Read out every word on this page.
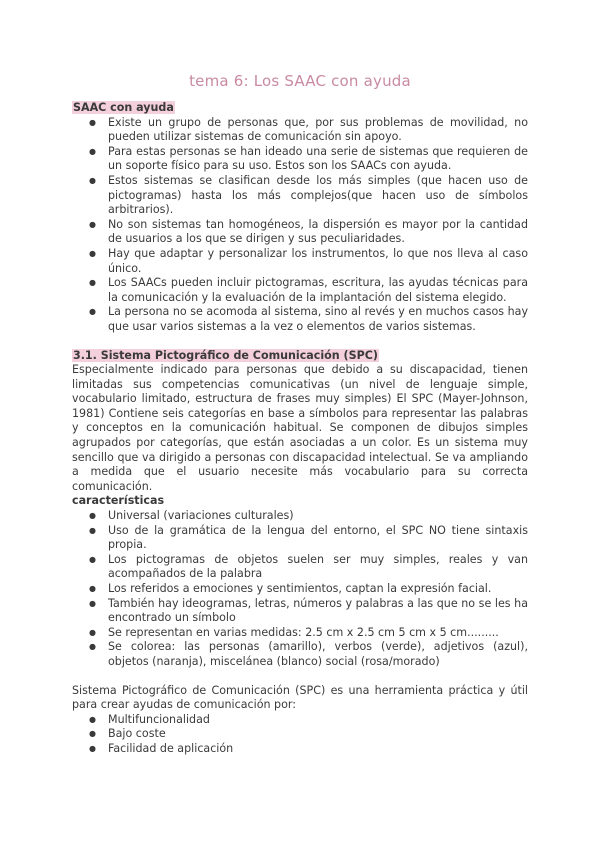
tema 6: Los SAAC con ayuda

SAAC con ayuda

● Existe un grupo de personas que, por sus problemas de movilidad, no pueden utilizar sistemas de comunicación sin apoyo.
● Para estas personas se han ideado una serie de sistemas que requieren de un soporte físico para su uso. Estos son los SAACs con ayuda.
● Estos sistemas se clasifican desde los más simples (que hacen uso de pictogramas) hasta los más complejos(que hacen uso de símbolos arbitrarios).
● No son sistemas tan homogéneos, la dispersión es mayor por la cantidad de usuarios a los que se dirigen y sus peculiaridades.
● Hay que adaptar y personalizar los instrumentos, lo que nos lleva al caso único.
● Los SAACs pueden incluir pictogramas, escritura, las ayudas técnicas para la comunicación y la evaluación de la implantación del sistema elegido.
● La persona no se acomoda al sistema, sino al revés y en muchos casos hay que usar varios sistemas a la vez o elementos de varios sistemas.

3.1. Sistema Pictográfico de Comunicación (SPC)

Especialmente indicado para personas que debido a su discapacidad, tienen limitadas sus competencias comunicativas (un nivel de lenguaje simple, vocabulario limitado, estructura de frases muy simples) El SPC (Mayer-Johnson, 1981) Contiene seis categorías en base a símbolos para representar las palabras y conceptos en la comunicación habitual. Se componen de dibujos simples agrupados por categorías, que están asociadas a un color. Es un sistema muy sencillo que va dirigido a personas con discapacidad intelectual. Se va ampliando a medida que el usuario necesite más vocabulario para su correcta comunicación.

características

● Universal (variaciones culturales)
● Uso de la gramática de la lengua del entorno, el SPC NO tiene sintaxis propia.
● Los pictogramas de objetos suelen ser muy simples, reales y van acompañados de la palabra
● Los referidos a emociones y sentimientos, captan la expresión facial.
● También hay ideogramas, letras, números y palabras a las que no se les ha encontrado un símbolo
● Se representan en varias medidas: 2.5 cm x 2.5 cm 5 cm x 5 cm.........
● Se colorea: las personas (amarillo), verbos (verde), adjetivos (azul), objetos (naranja), miscelánea (blanco) social (rosa/morado)

Sistema Pictográfico de Comunicación (SPC) es una herramienta práctica y útil para crear ayudas de comunicación por:

● Multifuncionalidad
● Bajo coste
● Facilidad de aplicación
